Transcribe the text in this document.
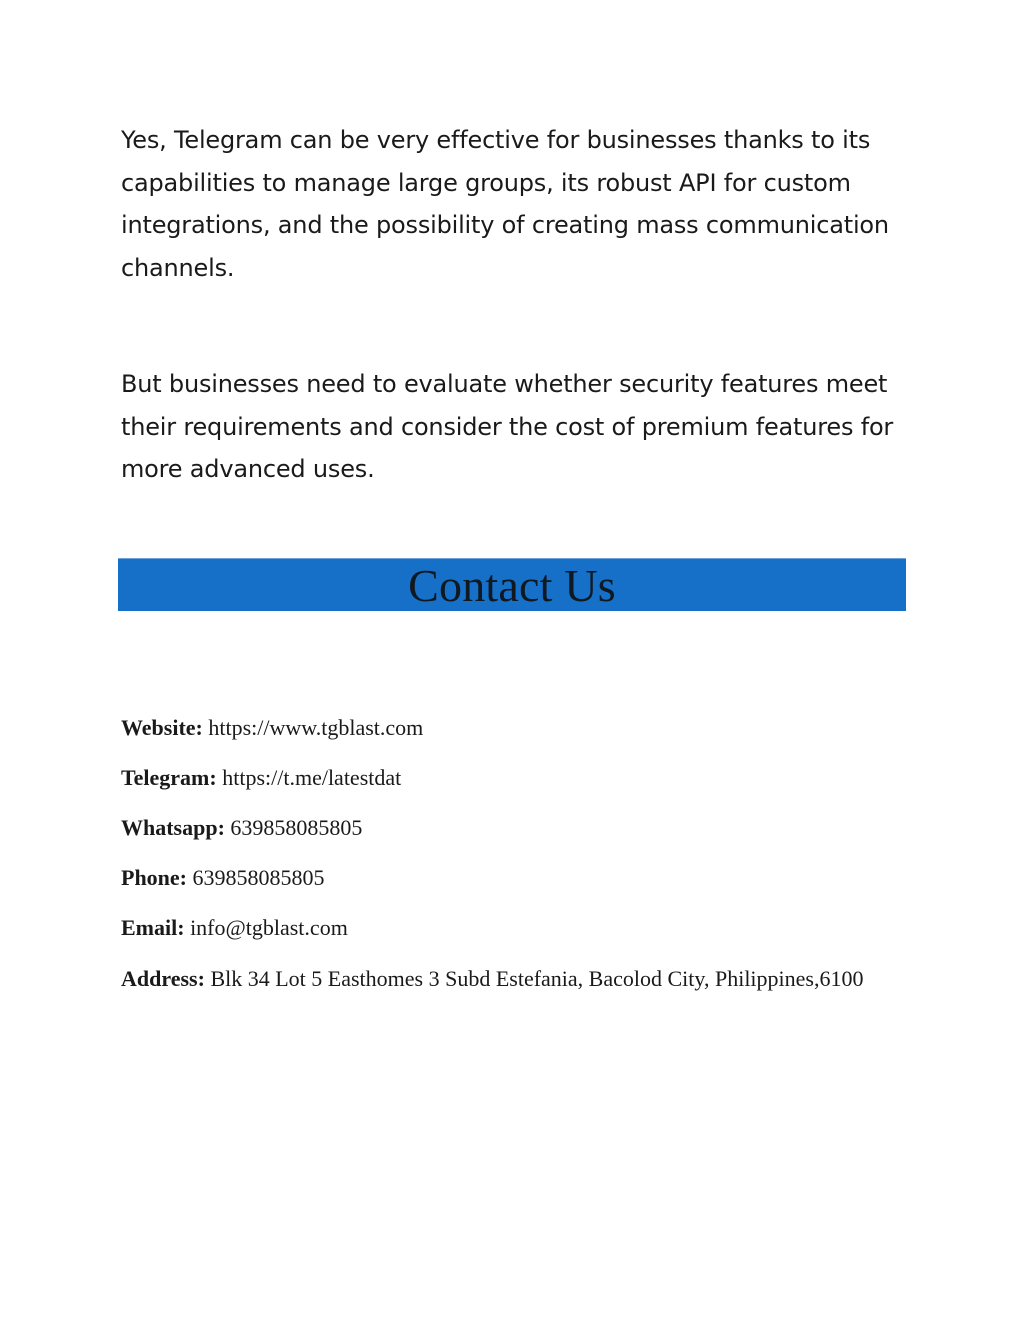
Yes, Telegram can be very effective for businesses thanks to its capabilities to manage large groups, its robust API for custom integrations, and the possibility of creating mass communication channels.

But businesses need to evaluate whether security features meet their requirements and consider the cost of premium features for more advanced uses.

Contact Us

Website: https://www.tgblast.com

Telegram: https://t.me/latestdat

Whatsapp: 639858085805

Phone: 639858085805

Email: info@tgblast.com

Address: Blk 34 Lot 5 Easthomes 3 Subd Estefania, Bacolod City, Philippines,6100
